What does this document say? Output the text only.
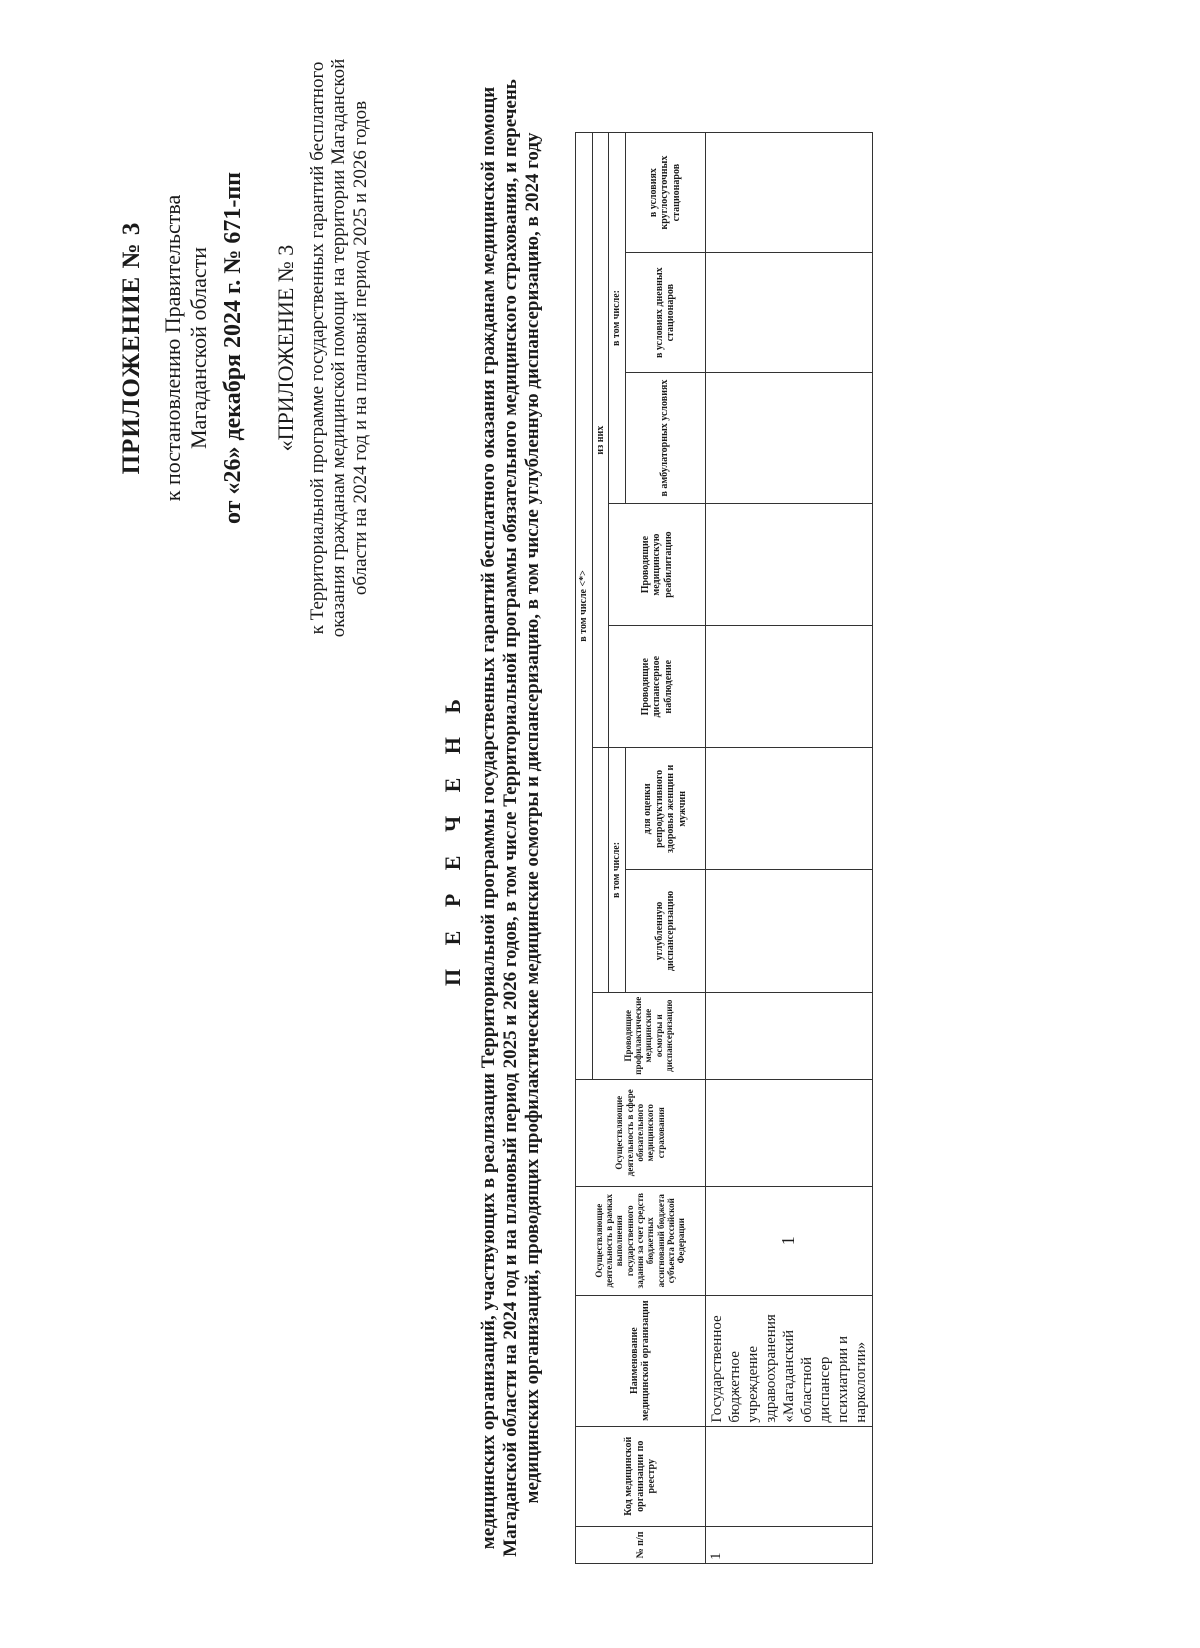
ПРИЛОЖЕНИЕ № 3 к постановлению Правительства Магаданской области от «26» декабря 2024 г. № 671-пп «ПРИЛОЖЕНИЕ № 3 к Территориальной программе государственных гарантий бесплатного оказания гражданам медицинской помощи на территории Магаданской области на 2024 год и на плановый период 2025 и 2026 годов
П Е Р Е Ч Е Н Ь медицинских организаций, участвующих в реализации Территориальной программы государственных гарантий бесплатного оказания гражданам медицинской помощи Магаданской области на 2024 год и на плановый период 2025 и 2026 годов, в том числе Территориальной программы обязательного медицинского страхования, и перечень медицинских организаций, проводящих профилактические медицинские осмотры и диспансеризацию, в том числе углубленную диспансеризацию, в 2024 году
№ п/п	Код медицинской организации по реестру	Наименование медицинской организации	Осуществляющие деятельность в рамках выполнения государственного задания за счет средств бюджетных ассигнований бюджета субъекта Российской Федерации	Осуществляющие деятельность в сфере обязательного медицинского страхования	в том числе <*>							
					Проводящие профилактические медицинские осмотры и диспансеризацию			из них				
						в том числе:		Проводящие диспансерное наблюдение	Проводящие медицинскую реабилитацию	в том числе:		
						углубленную диспансеризацию	для оценки репродуктивного здоровья женщин и мужчин			в амбулаторных условиях	в условиях дневных стационаров	в условиях круглосуточных стационаров
1		Государственное бюджетное учреждение здравоохранения «Магаданский областной диспансер психиатрии и наркологии»	1									
